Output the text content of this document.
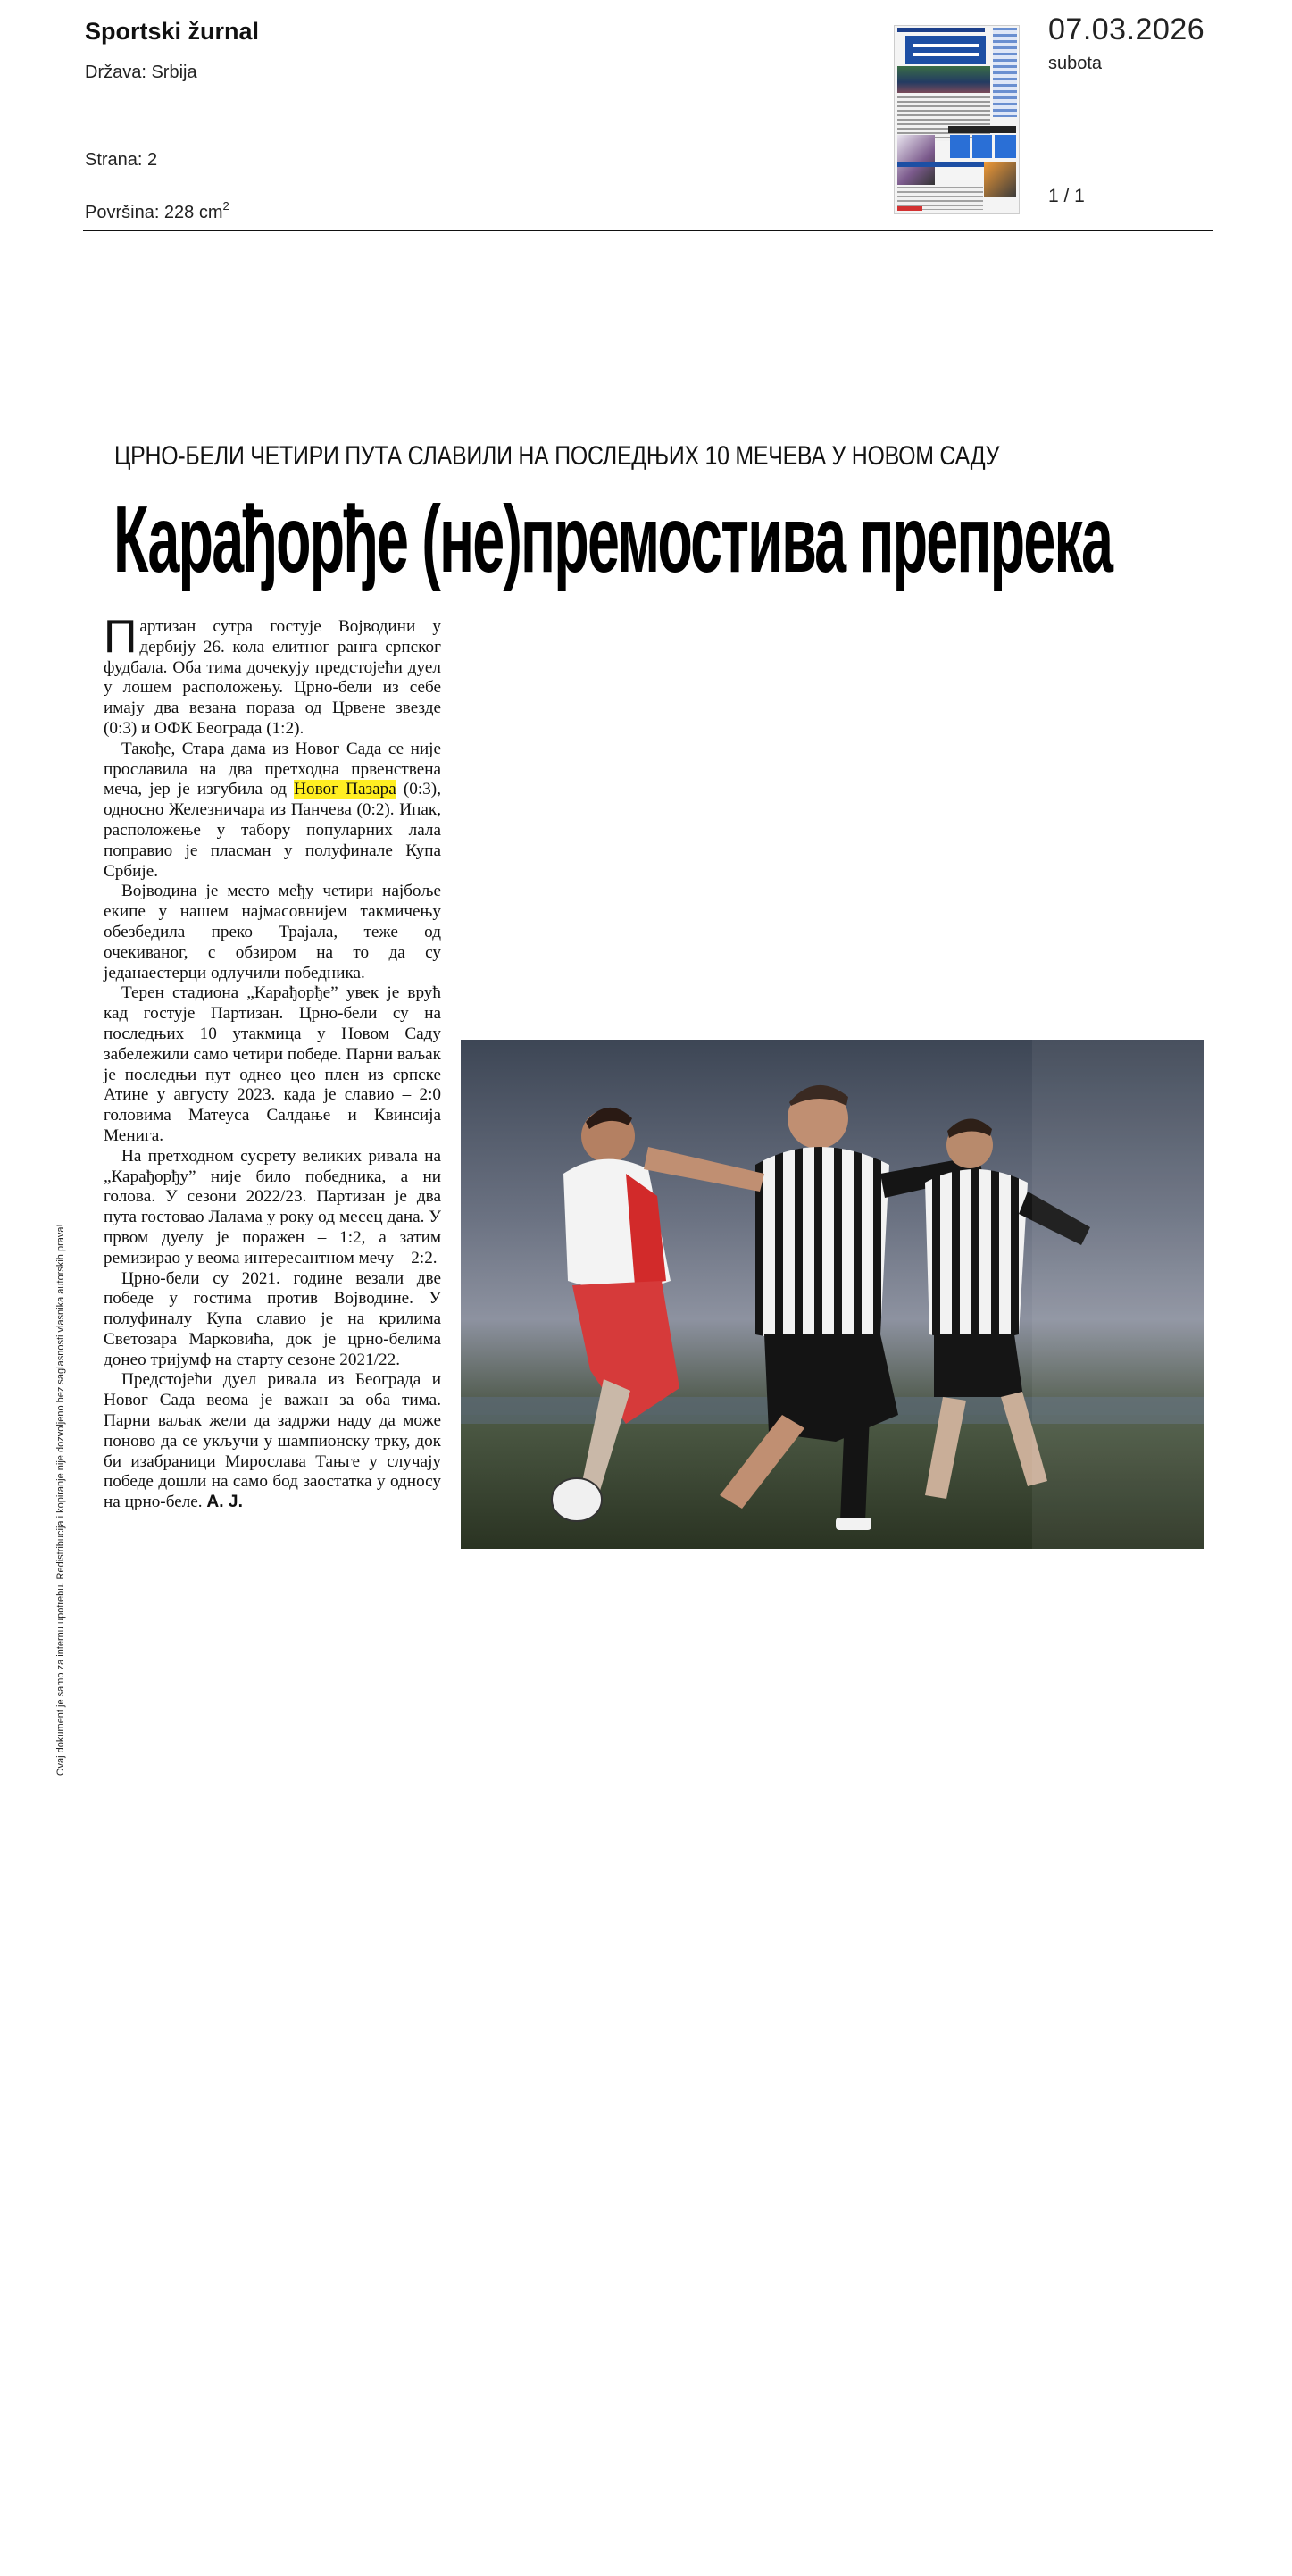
Sportski žurnal
Država: Srbija
Strana: 2
Površina: 228 $cm^2$
07.03.2026
subota
1 / 1
ЦРНО-БЕЛИ ЧЕТИРИ ПУТА СЛАВИЛИ НА ПОСЛЕДЊИХ 10 МЕЧЕВА У НОВОМ САДУ
Карађорђе (не)премостива препрека

Партизан сутра гостује Војводини у дербију 26. кола елитног ранга српског фудбала. Оба тима дочекују предстојећи дуел у лошем расположењу. Црно-бели из себе имају два везана пораза од Црвене звезде (0:3) и ОФК Београда (1:2).

Такође, Стара дама из Новог Сада се није прославила на два претходна првенствена меча, јер је изгубила од Новог Пазара (0:3), односно Железничара из Панчева (0:2). Ипак, расположење у табору популарних лала поправио је пласман у полуфинале Купа Србије.

Војводина је место међу четири најбоље екипе у нашем најмасовнијем такмичењу обезбедила преко Трајала, теже од очекиваног, с обзиром на то да су једанаестерци одлучили победника.

Терен стадиона „Карађорђе” увек је врућ кад гостује Партизан. Црно-бели су на последњих 10 утакмица у Новом Саду забележили само четири победе. Парни ваљак је последњи пут однео цео плен из српске Атине у августу 2023. када је славио – 2:0 головима Матеуса Салдање и Квинсија Менига.

На претходном сусрету великих ривала на „Карађорђу” није било победника, а ни голова. У сезони 2022/23. Партизан је два пута гостовао Лалама у року од месец дана. У првом дуелу је поражен – 1:2, а затим ремизирао у веома интересантном мечу – 2:2.

Црно-бели су 2021. године везали две победе у гостима против Војводине. У полуфиналу Купа славио је на крилима Светозара Марковића, док је црно-белима донео тријумф на старту сезоне 2021/22.

Предстојећи дуел ривала из Београда и Новог Сада веома је важан за оба тима. Парни ваљак жели да задржи наду да може поново да се укључи у шампионску трку, док би изабраници Мирослава Тањге у случају победе дошли на само бод заостатка у односу на црно-беле. А. Ј.

ФОТО: С. Сандић
Ovaj dokument je samo za internu upotrebu. Redistribucija i kopiranje nije dozvoljeno bez saglasnosti vlasnika autorskih prava!
